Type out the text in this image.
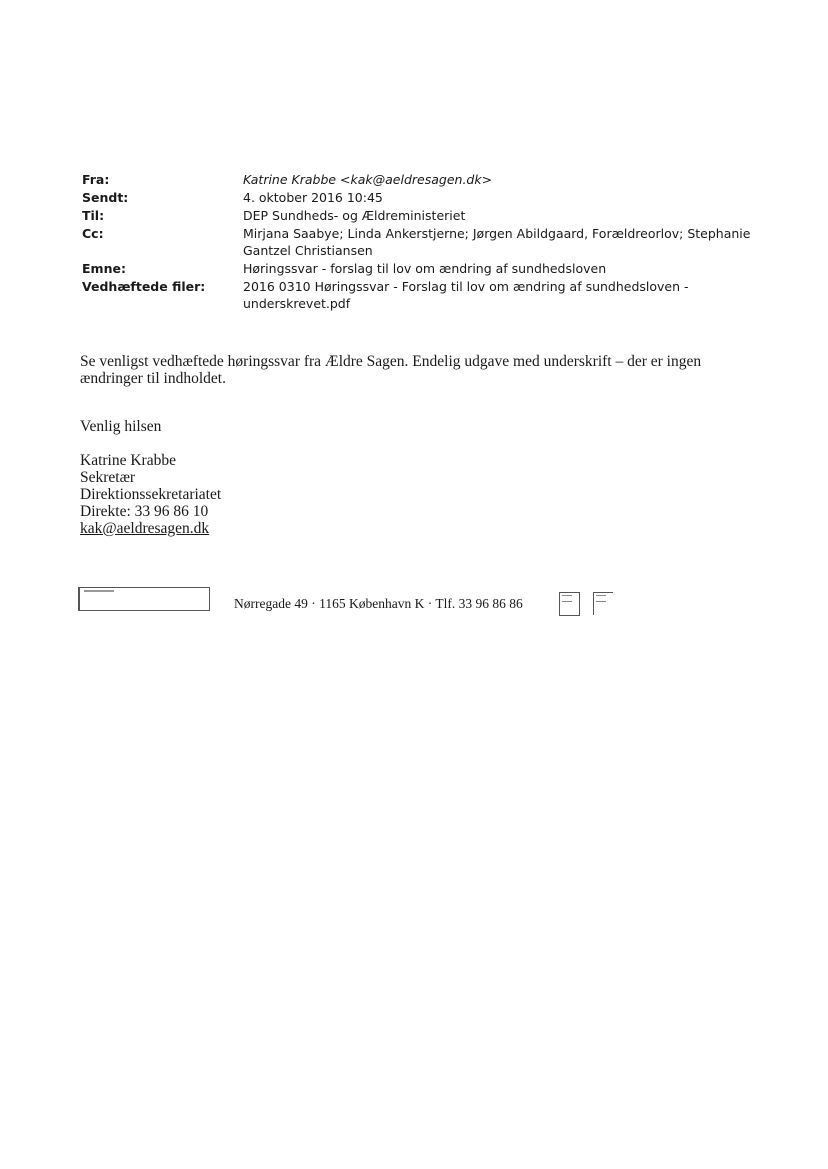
Fra:	Katrine Krabbe <kak@aeldresagen.dk>
Sendt:	4. oktober 2016 10:45
Til:	DEP Sundheds- og Ældreministeriet
Cc:	Mirjana Saabye; Linda Ankerstjerne; Jørgen Abildgaard, Forældreorlov; Stephanie Gantzel Christiansen
Emne:	Høringssvar - forslag til lov om ændring af sundhedsloven
Vedhæftede filer:	2016 0310 Høringssvar - Forslag til lov om ændring af sundhedsloven - underskrevet.pdf

Se venligst vedhæftede høringssvar fra Ældre Sagen. Endelig udgave med underskrift – der er ingen ændringer til indholdet.

Venlig hilsen
Katrine Krabbe
Sekretær
Direktionssekretariatet
Direkte: 33 96 86 10
kak@aeldresagen.dk
Nørregade 49 · 1165 København K · Tlf. 33 96 86 86
